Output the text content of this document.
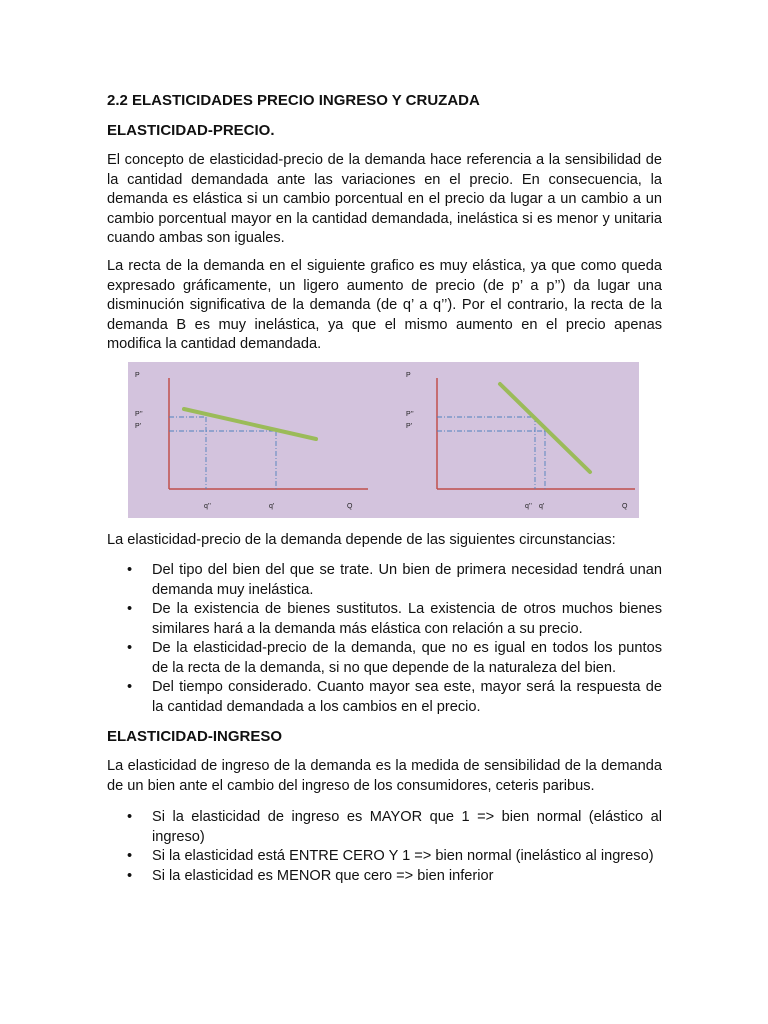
2.2 ELASTICIDADES PRECIO INGRESO Y CRUZADA
ELASTICIDAD-PRECIO.
El concepto de elasticidad-precio de la demanda hace referencia a la sensibilidad de la cantidad demandada ante las variaciones en el precio. En consecuencia, la demanda es elástica si un cambio porcentual en el precio da lugar a un cambio a un cambio porcentual mayor en la cantidad demandada, inelástica si es menor y unitaria cuando ambas son iguales.
La recta de la demanda en el siguiente grafico es muy elástica, ya que como queda expresado gráficamente, un ligero aumento de precio (de p’ a p’’) da lugar una disminución significativa de la demanda (de q’ a q’’). Por el contrario, la recta de la demanda B es muy inelástica, ya que el mismo aumento en el precio apenas modifica la cantidad demandada.
La elasticidad-precio de la demanda depende de las siguientes circunstancias:
• Del tipo del bien del que se trate. Un bien de primera necesidad tendrá unan demanda muy inelástica.
• De la existencia de bienes sustitutos. La existencia de otros muchos bienes similares hará a la demanda más elástica con relación a su precio.
• De la elasticidad-precio de la demanda, que no es igual en todos los puntos de la recta de la demanda, si no que depende de la naturaleza del bien.
• Del tiempo considerado. Cuanto mayor sea este, mayor será la respuesta de la cantidad demandada a los cambios en el precio.
ELASTICIDAD-INGRESO
La elasticidad de ingreso de la demanda es la medida de sensibilidad de la demanda de un bien ante el cambio del ingreso de los consumidores, ceteris paribus.
• Si la elasticidad de ingreso es MAYOR que 1 => bien normal (elástico al ingreso)
• Si la elasticidad está ENTRE CERO Y 1 => bien normal (inelástico al ingreso)
• Si la elasticidad es MENOR que cero => bien inferior
P
P’’
P’
q’’	q’	Q
P
P’’
P’
q’’ q’	Q
